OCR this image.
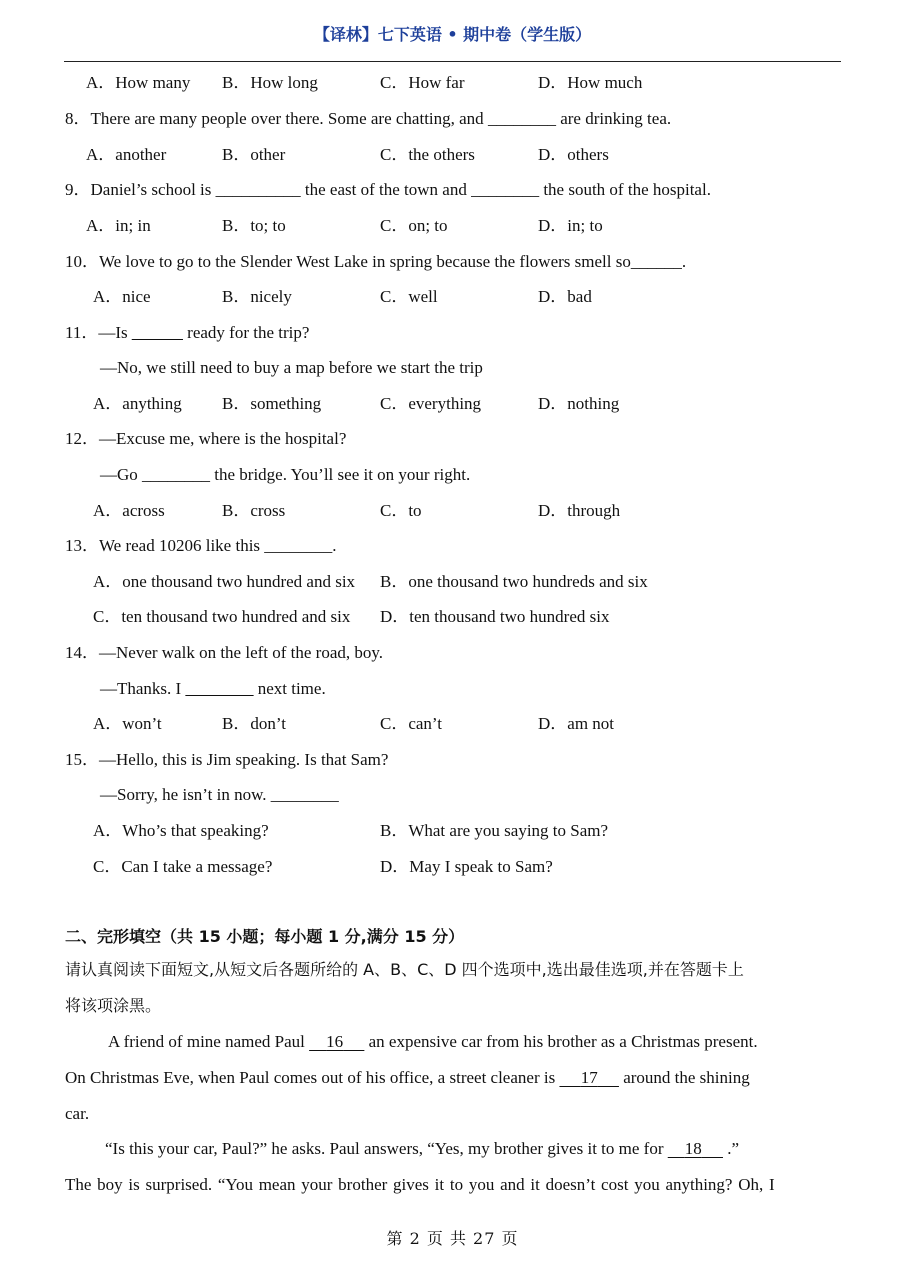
【译林】七下英语 • 期中卷（学生版）
A．How many B．How long	C．How far	D．How much
8．There are many people over there. Some are chatting, and ________ are drinking tea.
A．another	B．other	C．the others	D．others
9．Daniel’s school is __________ the east of the town and ________ the south of the hospital.
A．in; in	B．to; to	C．on; to	D．in; to
10．We love to go to the Slender West Lake in spring because the flowers smell so______.
A．nice	B．nicely	C．well	D．bad
11．—Is ______ ready for the trip?
—No, we still need to buy a map before we start the trip
A．anything B．something	C．everything	D．nothing
12．—Excuse me, where is the hospital?
—Go ________ the bridge. You’ll see it on your right.
A．across	B．cross	C．to	D．through
13．We read 10206 like this ________.
A．one thousand two hundred and six B．one thousand two hundreds and six
C．ten thousand two hundred and six D．ten thousand two hundred six
14．—Never walk on the left of the road, boy.
—Thanks. I ________ next time.
A．won’t	B．don’t	C．can’t	D．am not
15．—Hello, this is Jim speaking. Is that Sam?
—Sorry, he isn’t in now. ________
A．Who’s that speaking?	B．What are you saying to Sam?
C．Can I take a message?	D．May I speak to Sam?
二、完形填空（共 15 小题；每小题 1 分,满分 15 分）
请认真阅读下面短文,从短文后各题所给的 A、B、C、D 四个选项中,选出最佳选项,并在答题卡上
将该项涂黑。
A friend of mine named Paul     16      an expensive car from his brother as a Christmas present.
On Christmas Eve, when Paul comes out of his office, a street cleaner is      17      around the shining
car.
“Is this your car, Paul?” he asks. Paul answers, “Yes, my brother gives it to me for     18      .”
The boy is surprised. “You mean your brother gives it to you and it doesn’t cost you anything? Oh, I
第 2 页 共 27 页
